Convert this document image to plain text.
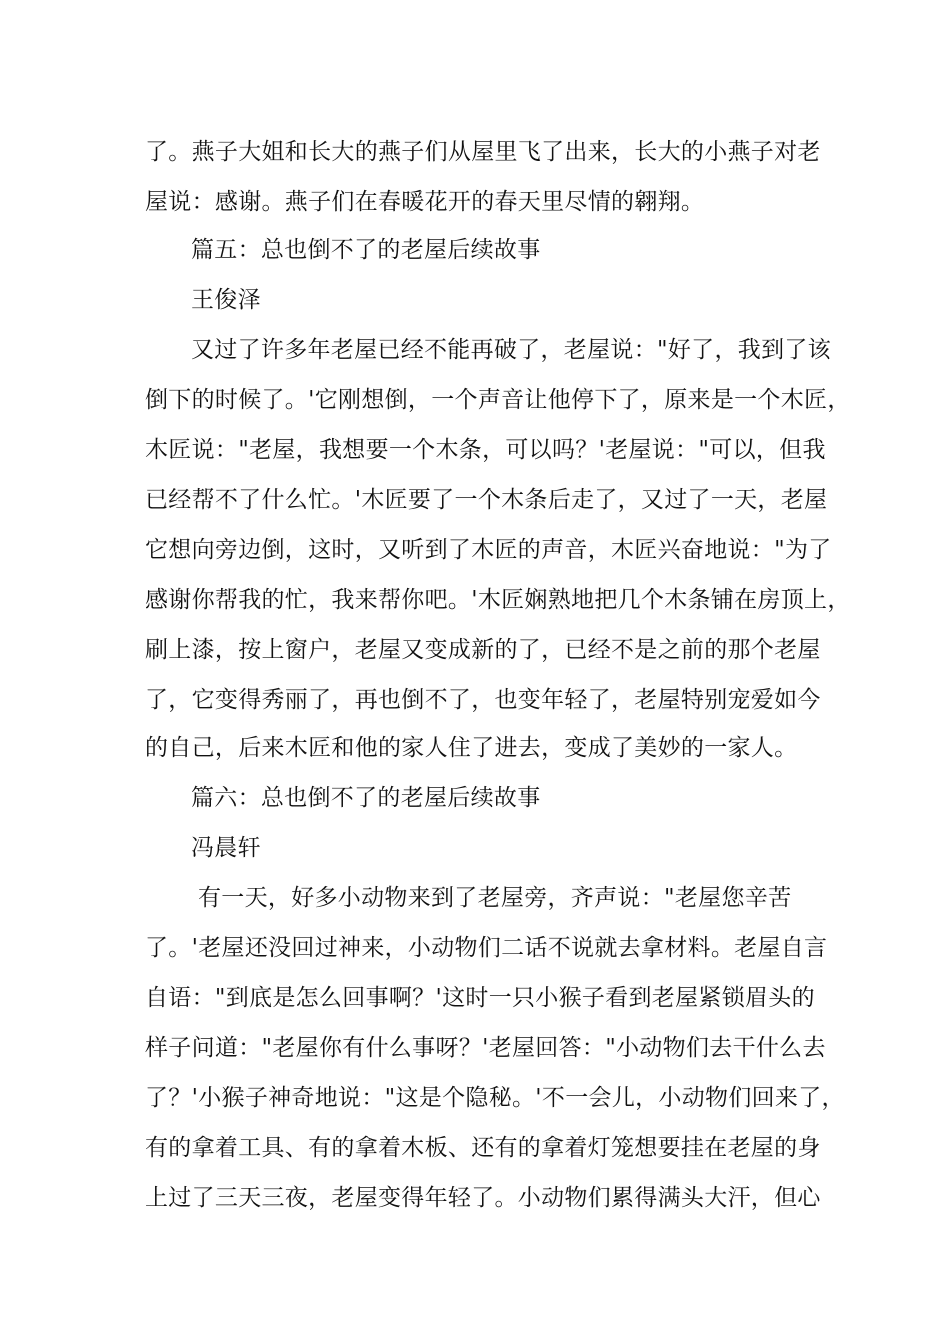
了。燕子大姐和长大的燕子们从屋里飞了出来，长大的小燕子对老
屋说：感谢。燕子们在春暖花开的春天里尽情的翱翔。
篇五：总也倒不了的老屋后续故事
王俊泽
又过了许多年老屋已经不能再破了，老屋说："好了，我到了该
倒下的时候了。'它刚想倒，一个声音让他停下了，原来是一个木匠，
木匠说："老屋，我想要一个木条，可以吗？'老屋说："可以，但我
已经帮不了什么忙。'木匠要了一个木条后走了，又过了一天，老屋
它想向旁边倒，这时，又听到了木匠的声音，木匠兴奋地说："为了
感谢你帮我的忙，我来帮你吧。'木匠娴熟地把几个木条铺在房顶上，
刷上漆，按上窗户，老屋又变成新的了，已经不是之前的那个老屋
了，它变得秀丽了，再也倒不了，也变年轻了，老屋特别宠爱如今
的自己，后来木匠和他的家人住了进去，变成了美妙的一家人。
篇六：总也倒不了的老屋后续故事
冯晨轩
有一天，好多小动物来到了老屋旁，齐声说："老屋您辛苦
了。'老屋还没回过神来，小动物们二话不说就去拿材料。老屋自言
自语："到底是怎么回事啊？'这时一只小猴子看到老屋紧锁眉头的
样子问道："老屋你有什么事呀？'老屋回答："小动物们去干什么去
了？'小猴子神奇地说："这是个隐秘。'不一会儿，小动物们回来了，
有的拿着工具、有的拿着木板、还有的拿着灯笼想要挂在老屋的身
上过了三天三夜，老屋变得年轻了。小动物们累得满头大汗，但心
